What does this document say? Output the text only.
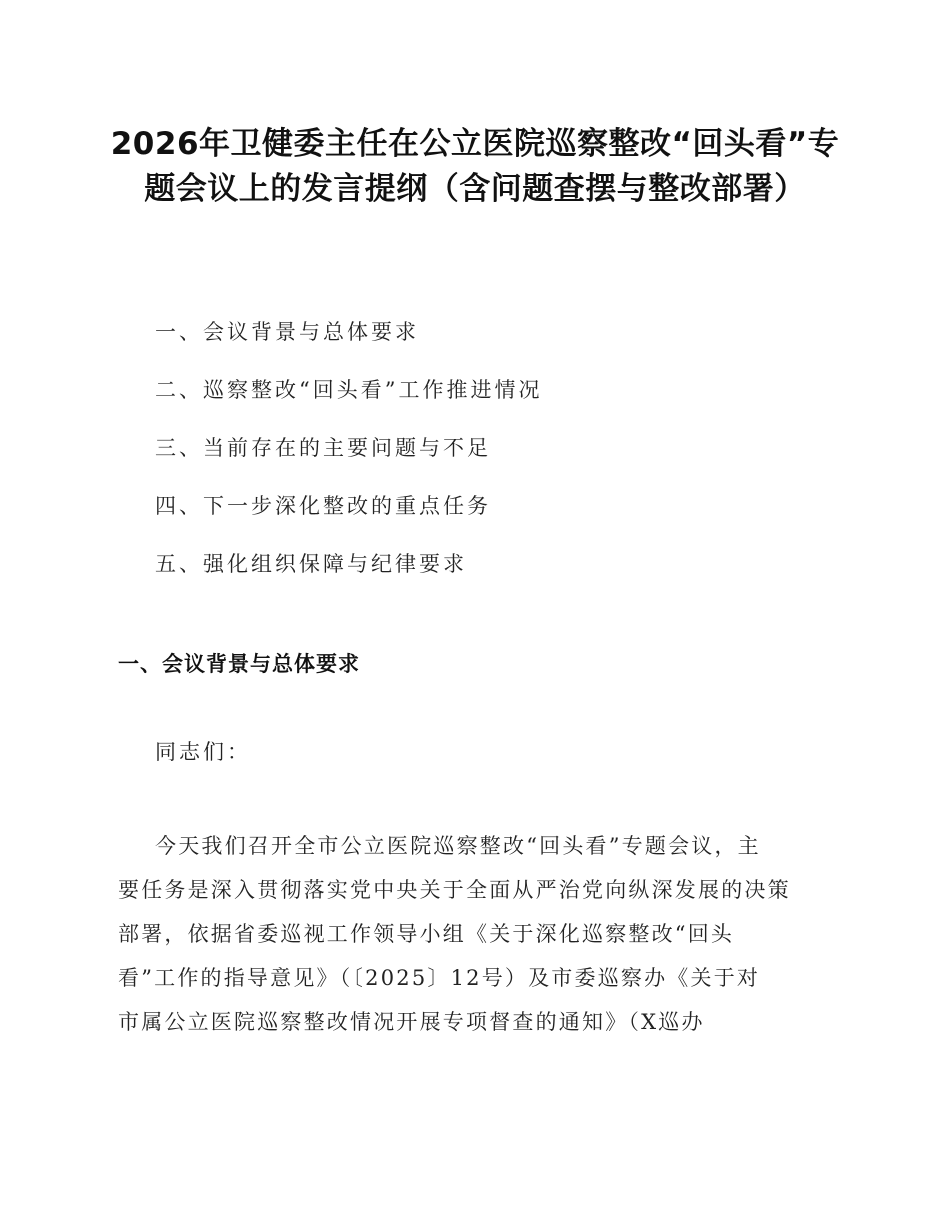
2026年卫健委主任在公立医院巡察整改“回头看”专题会议上的发言提纲（含问题查摆与整改部署）
一、会议背景与总体要求
二、巡察整改“回头看”工作推进情况
三、当前存在的主要问题与不足
四、下一步深化整改的重点任务
五、强化组织保障与纪律要求
一、会议背景与总体要求
同志们：

今天我们召开全市公立医院巡察整改“回头看”专题会议，主
要任务是深入贯彻落实党中央关于全面从严治党向纵深发展的决策
部署，依据省委巡视工作领导小组《关于深化巡察整改“回头
看”工作的指导意见》（〔2025〕12号）及市委巡察办《关于对
市属公立医院巡察整改情况开展专项督查的通知》（X巡办
